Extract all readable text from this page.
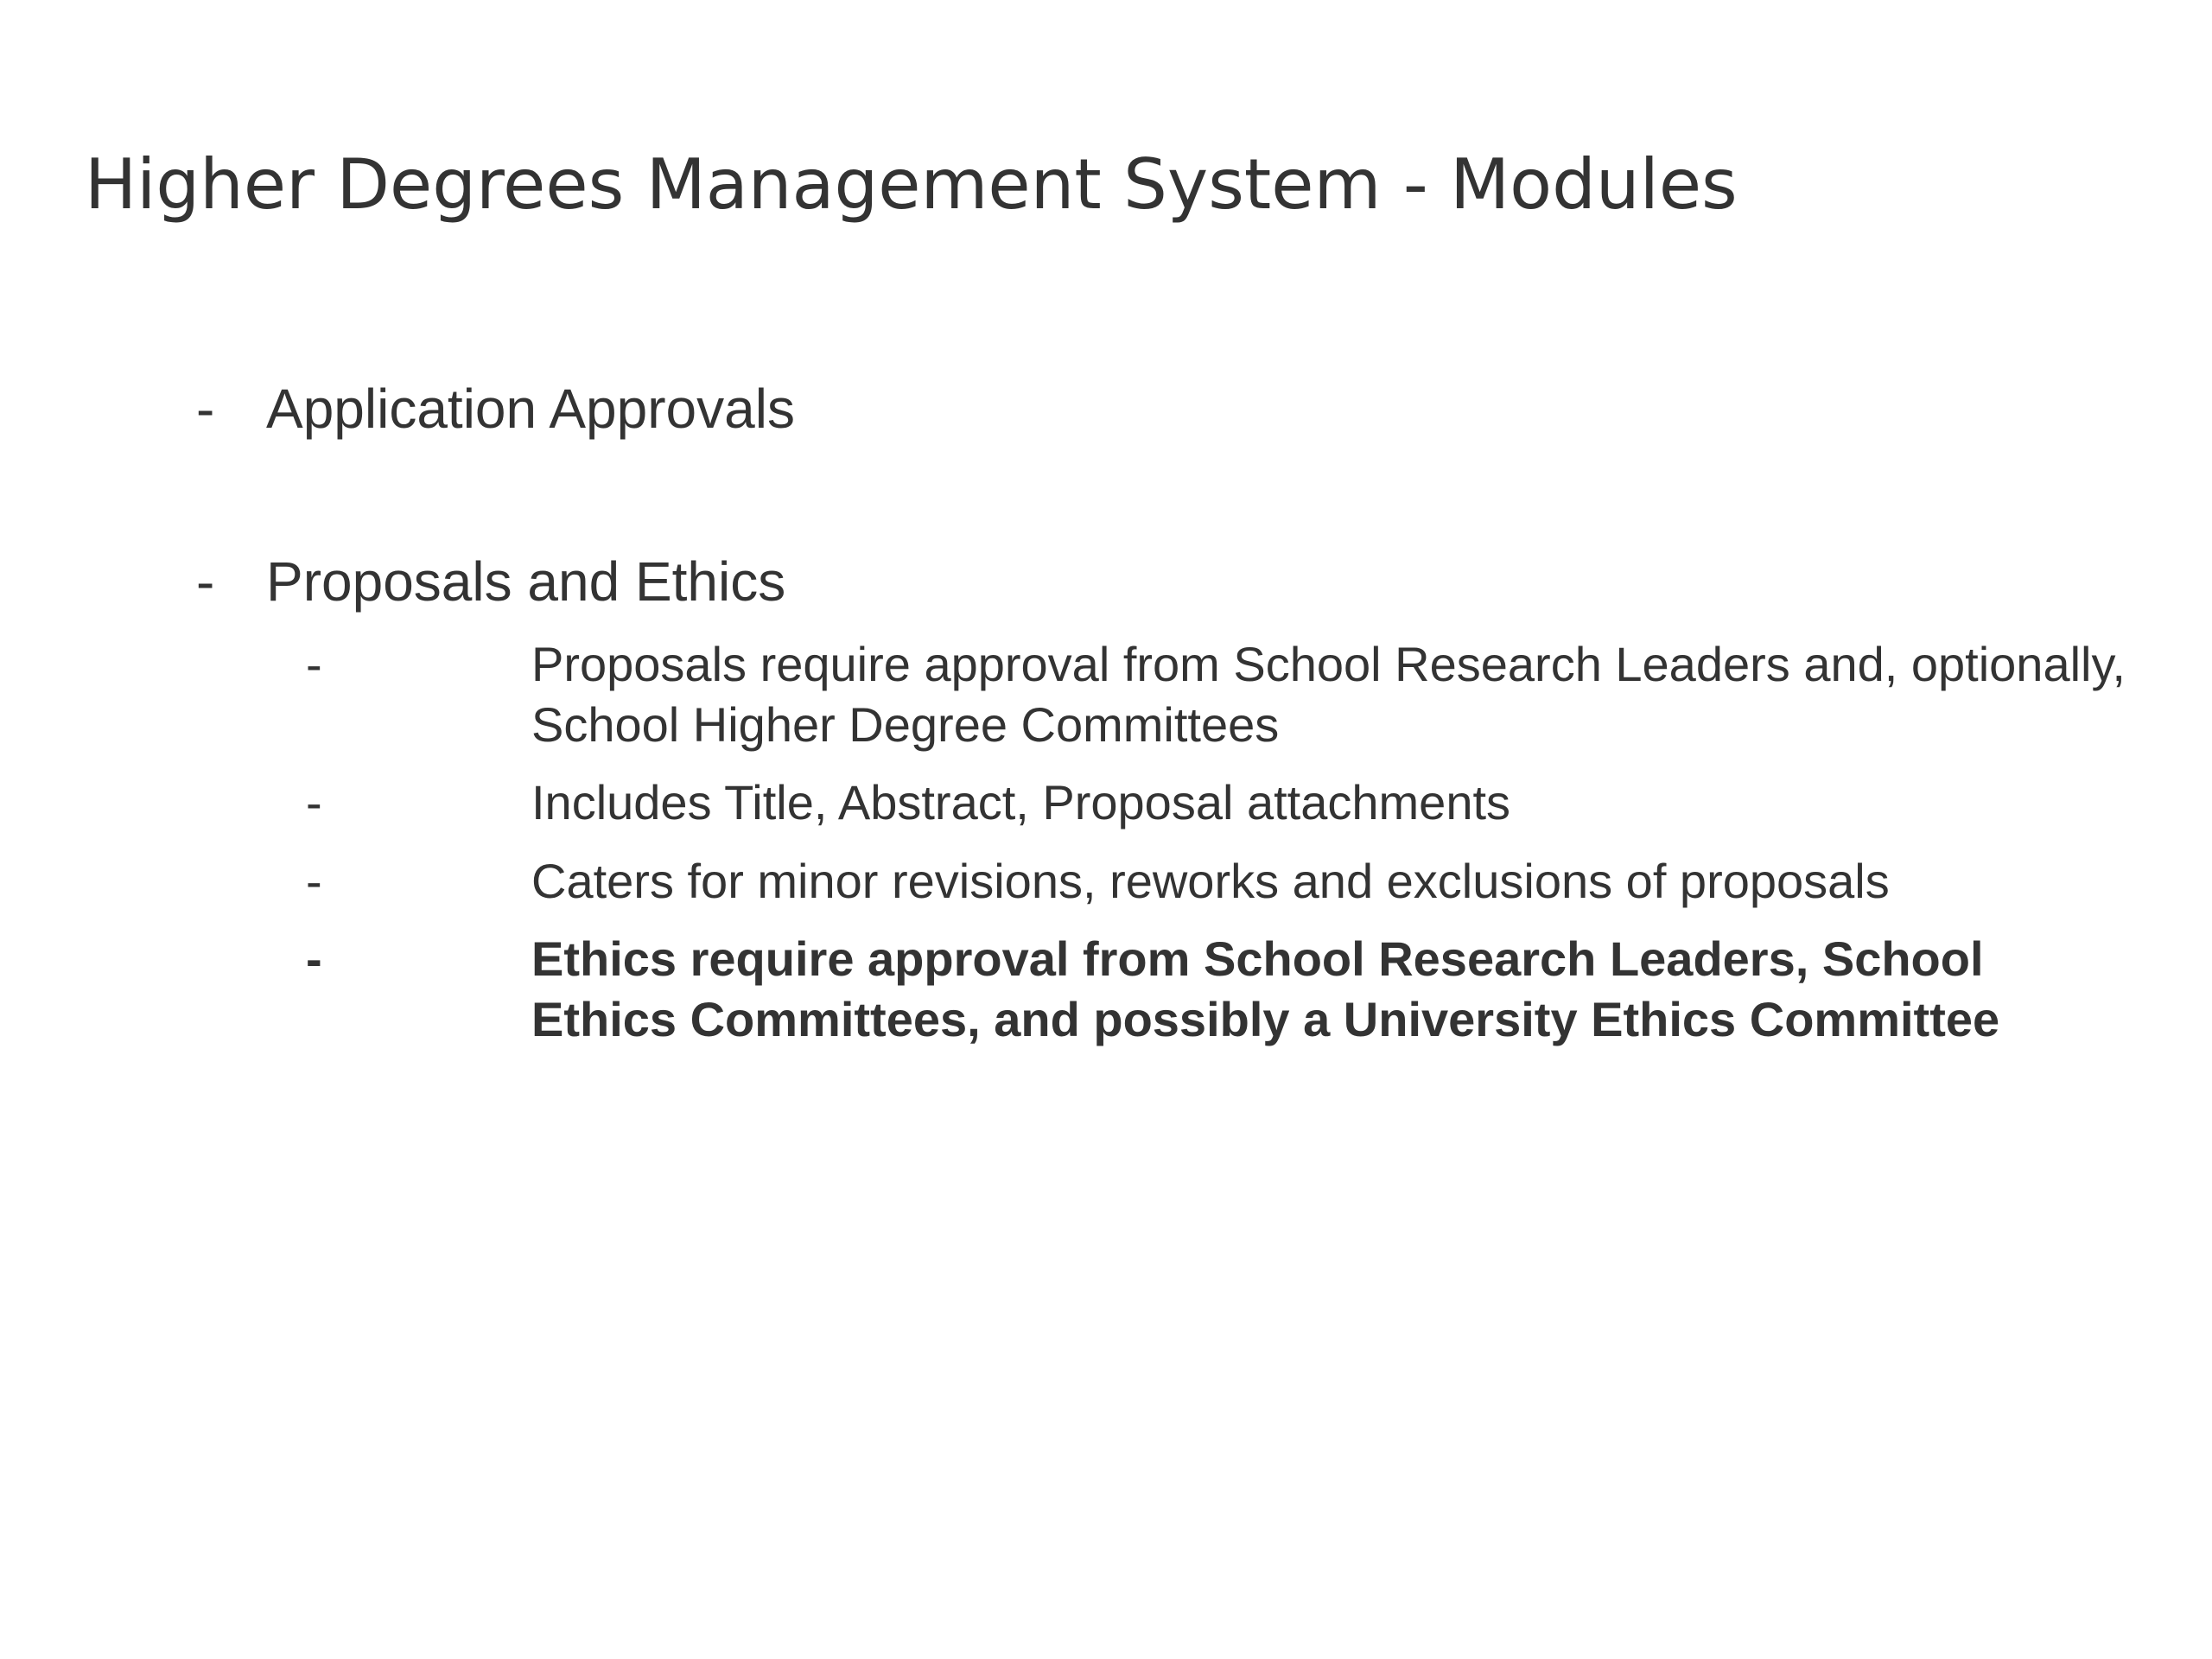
Higher Degrees Management System - Modules
- Application Approvals
- Proposals and Ethics
-	Proposals require approval from School Research Leaders and, optionally, School Higher Degree Committees
-	Includes Title, Abstract, Proposal attachments
-	Caters for minor revisions, reworks and exclusions of proposals
-	Ethics require approval from School Research Leaders, School Ethics Committees, and possibly a University Ethics Committee
